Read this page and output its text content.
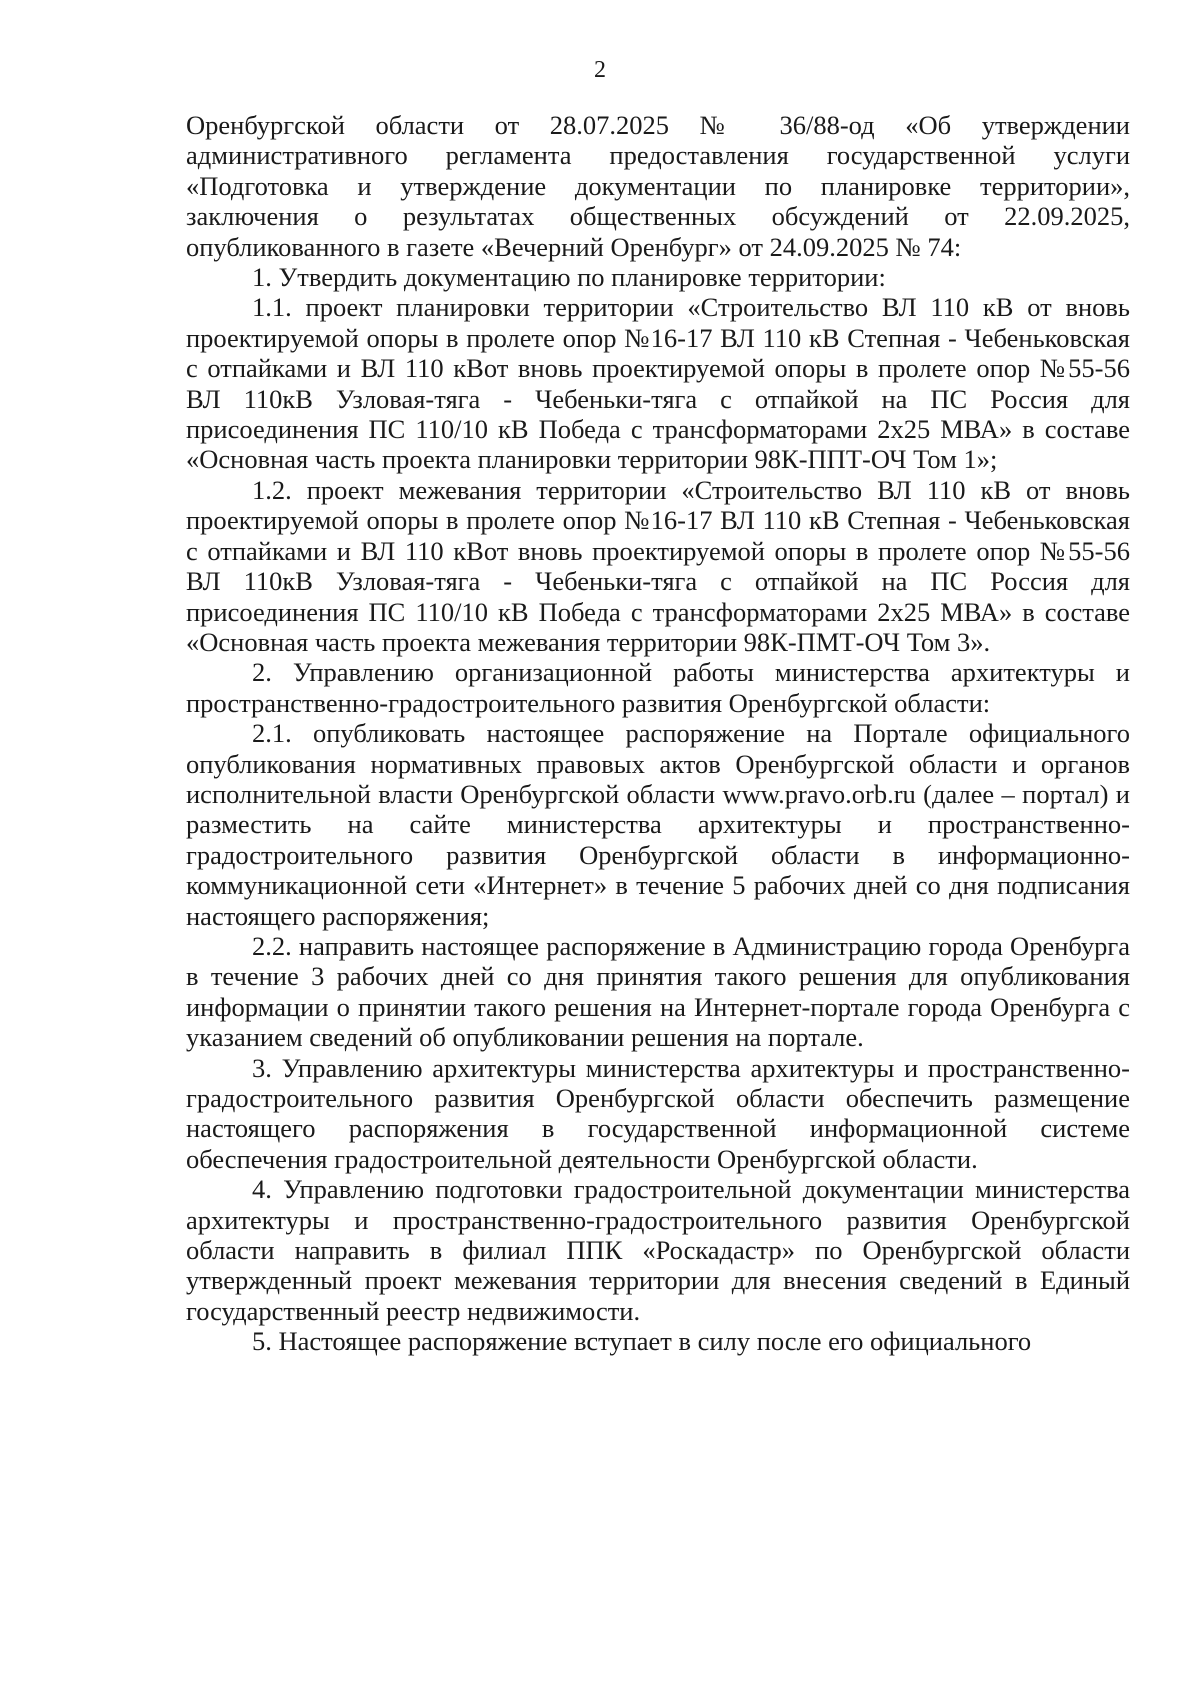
2

Оренбургской области от 28.07.2025 № 36/88-од «Об утверждении административного регламента предоставления государственной услуги «Подготовка и утверждение документации по планировке территории», заключения о результатах общественных обсуждений от 22.09.2025, опубликованного в газете «Вечерний Оренбург» от 24.09.2025 № 74:

1. Утвердить документацию по планировке территории:

1.1. проект планировки территории «Строительство ВЛ 110 кВ от вновь проектируемой опоры в пролете опор №16-17 ВЛ 110 кВ Степная - Чебеньковская с отпайками и ВЛ 110 кВот вновь проектируемой опоры в пролете опор №55-56 ВЛ 110кВ Узловая-тяга - Чебеньки-тяга с отпайкой на ПС Россия для присоединения ПС 110/10 кВ Победа с трансформаторами 2х25 МВА» в составе «Основная часть проекта планировки территории 98К-ППТ-ОЧ Том 1»;

1.2. проект межевания территории «Строительство ВЛ 110 кВ от вновь проектируемой опоры в пролете опор №16-17 ВЛ 110 кВ Степная - Чебеньковская с отпайками и ВЛ 110 кВот вновь проектируемой опоры в пролете опор №55-56 ВЛ 110кВ Узловая-тяга - Чебеньки-тяга с отпайкой на ПС Россия для присоединения ПС 110/10 кВ Победа с трансформаторами 2х25 МВА» в составе «Основная часть проекта межевания территории 98К-ПМТ-ОЧ Том 3».

2. Управлению организационной работы министерства архитектуры и пространственно-градостроительного развития Оренбургской области:

2.1. опубликовать настоящее распоряжение на Портале официального опубликования нормативных правовых актов Оренбургской области и органов исполнительной власти Оренбургской области www.pravo.orb.ru (далее – портал) и разместить на сайте министерства архитектуры и пространственно-градостроительного развития Оренбургской области в информационно-коммуникационной сети «Интернет» в течение 5 рабочих дней со дня подписания настоящего распоряжения;

2.2. направить настоящее распоряжение в Администрацию города Оренбурга в течение 3 рабочих дней со дня принятия такого решения для опубликования информации о принятии такого решения на Интернет-портале города Оренбурга с указанием сведений об опубликовании решения на портале.

3. Управлению архитектуры министерства архитектуры и пространственно-градостроительного развития Оренбургской области обеспечить размещение настоящего распоряжения в государственной информационной системе обеспечения градостроительной деятельности Оренбургской области.

4. Управлению подготовки градостроительной документации министерства архитектуры и пространственно-градостроительного развития Оренбургской области направить в филиал ППК «Роскадастр» по Оренбургской области утвержденный проект межевания территории для внесения сведений в Единый государственный реестр недвижимости.

5. Настоящее распоряжение вступает в силу после его официального
